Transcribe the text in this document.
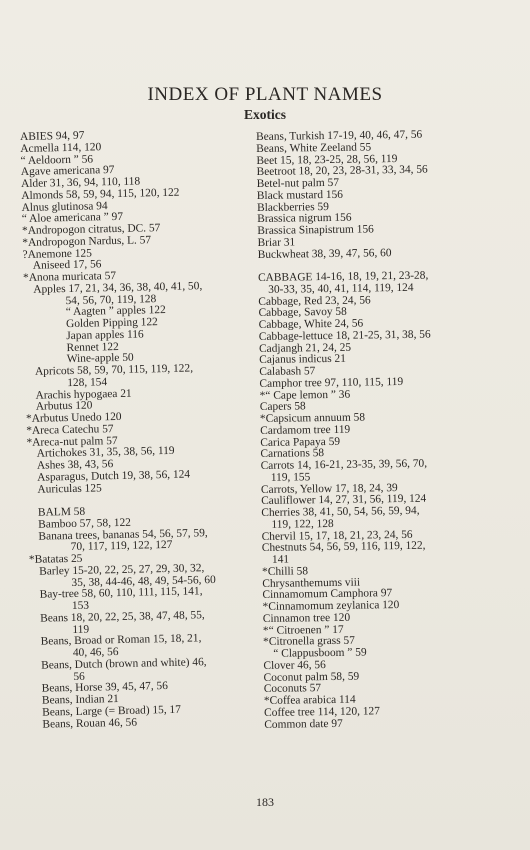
INDEX OF PLANT NAMES
Exotics
ABIES 94, 97
Acmella 114, 120
“ Aeldoorn ” 56
Agave americana 97
Alder 31, 36, 94, 110, 118
Almonds 58, 59, 94, 115, 120, 122
Alnus glutinosa 94
“ Aloe americana ” 97
*Andropogon citratus, DC. 57
*Andropogon Nardus, L. 57
?Anemone 125
Aniseed 17, 56
*Anona muricata 57
Apples 17, 21, 34, 36, 38, 40, 41, 50,
54, 56, 70, 119, 128
“ Aagten ” apples 122
Golden Pipping 122
Japan apples 116
Rennet 122
Wine-apple 50
Apricots 58, 59, 70, 115, 119, 122,
128, 154
Arachis hypogaea 21
Arbutus 120
*Arbutus Unedo 120
*Areca Catechu 57
*Areca-nut palm 57
Artichokes 31, 35, 38, 56, 119
Ashes 38, 43, 56
Asparagus, Dutch 19, 38, 56, 124
Auriculas 125
BALM 58
Bamboo 57, 58, 122
Banana trees, bananas 54, 56, 57, 59,
70, 117, 119, 122, 127
*Batatas 25
Barley 15-20, 22, 25, 27, 29, 30, 32,
35, 38, 44-46, 48, 49, 54-56, 60
Bay-tree 58, 60, 110, 111, 115, 141,
153
Beans 18, 20, 22, 25, 38, 47, 48, 55,
119
Beans, Broad or Roman 15, 18, 21,
40, 46, 56
Beans, Dutch (brown and white) 46,
56
Beans, Horse 39, 45, 47, 56
Beans, Indian 21
Beans, Large (= Broad) 15, 17
Beans, Rouan 46, 56
Beans, Turkish 17-19, 40, 46, 47, 56
Beans, White Zeeland 55
Beet 15, 18, 23-25, 28, 56, 119
Beetroot 18, 20, 23, 28-31, 33, 34, 56
Betel-nut palm 57
Black mustard 156
Blackberries 59
Brassica nigrum 156
Brassica Sinapistrum 156
Briar 31
Buckwheat 38, 39, 47, 56, 60
CABBAGE 14-16, 18, 19, 21, 23-28,
30-33, 35, 40, 41, 114, 119, 124
Cabbage, Red 23, 24, 56
Cabbage, Savoy 58
Cabbage, White 24, 56
Cabbage-lettuce 18, 21-25, 31, 38, 56
Cadjangh 21, 24, 25
Cajanus indicus 21
Calabash 57
Camphor tree 97, 110, 115, 119
*“ Cape lemon ” 36
Capers 58
*Capsicum annuum 58
Cardamom tree 119
Carica Papaya 59
Carnations 58
Carrots 14, 16-21, 23-35, 39, 56, 70,
119, 155
Carrots, Yellow 17, 18, 24, 39
Cauliflower 14, 27, 31, 56, 119, 124
Cherries 38, 41, 50, 54, 56, 59, 94,
119, 122, 128
Chervil 15, 17, 18, 21, 23, 24, 56
Chestnuts 54, 56, 59, 116, 119, 122,
141
*Chilli 58
Chrysanthemums viii
Cinnamomum Camphora 97
*Cinnamomum zeylanica 120
Cinnamon tree 120
*“ Citroenen ” 17
*Citronella grass 57
“ Clappusboom ” 59
Clover 46, 56
Coconut palm 58, 59
Coconuts 57
*Coffea arabica 114
Coffee tree 114, 120, 127
Common date 97
183
